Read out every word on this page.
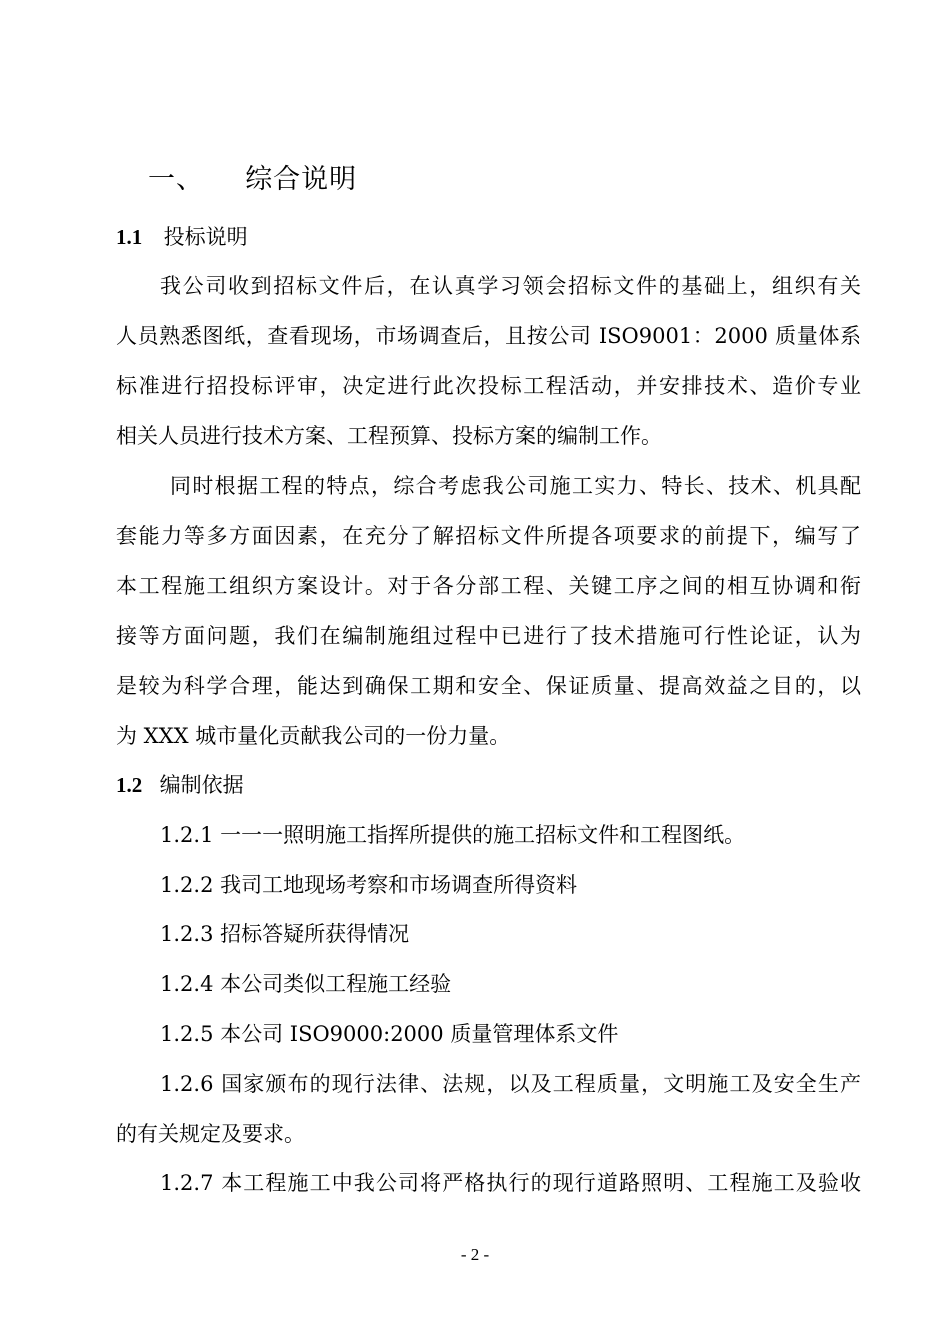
一、 综合说明
1.1 投标说明
我公司收到招标文件后，在认真学习领会招标文件的基础上，组织有关
人员熟悉图纸，查看现场，市场调查后，且按公司 ISO9001：2000 质量体系
标准进行招投标评审，决定进行此次投标工程活动，并安排技术、造价专业
相关人员进行技术方案、工程预算、投标方案的编制工作。
同时根据工程的特点，综合考虑我公司施工实力、特长、技术、机具配
套能力等多方面因素，在充分了解招标文件所提各项要求的前提下，编写了
本工程施工组织方案设计。对于各分部工程、关键工序之间的相互协调和衔
接等方面问题，我们在编制施组过程中已进行了技术措施可行性论证，认为
是较为科学合理，能达到确保工期和安全、保证质量、提高效益之目的，以
为 XXX 城市量化贡献我公司的一份力量。
1.2 编制依据
1.2.1 一一一照明施工指挥所提供的施工招标文件和工程图纸。
1.2.2 我司工地现场考察和市场调查所得资料
1.2.3 招标答疑所获得情况
1.2.4 本公司类似工程施工经验
1.2.5 本公司 ISO9000:2000 质量管理体系文件
1.2.6 国家颁布的现行法律、法规，以及工程质量，文明施工及安全生产
的有关规定及要求。
1.2.7 本工程施工中我公司将严格执行的现行道路照明、工程施工及验收
- 2 -
